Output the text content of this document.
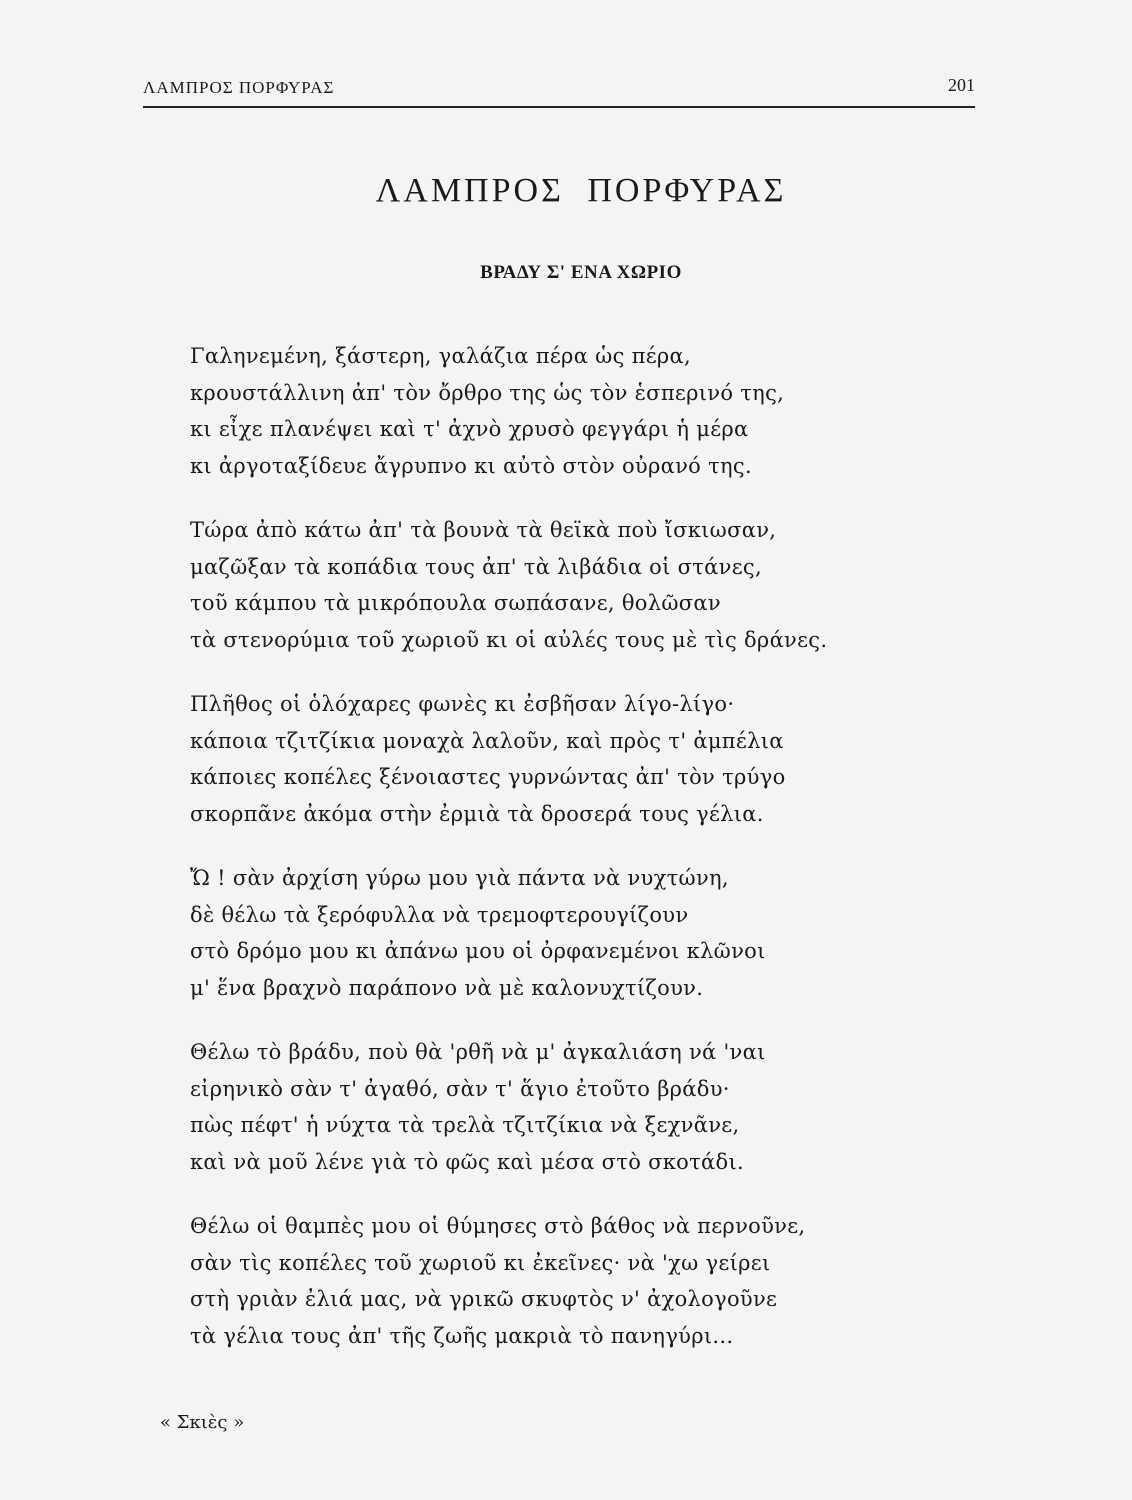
ΛΑΜΠΡΟΣ ΠΟΡΦΥΡΑΣ	201
ΛΑΜΠΡΟΣ ΠΟΡΦΥΡΑΣ
ΒΡΑΔΥ Σ' ΕΝΑ ΧΩΡΙΟ
Γαληνεμένη, ξάστερη, γαλάζια πέρα ὡς πέρα,
κρουστάλλινη ἀπ' τὸν ὄρθρο της ὡς τὸν ἑσπερινό της,
κι εἶχε πλανέψει καὶ τ' ἀχνὸ χρυσὸ φεγγάρι ἡ μέρα
κι ἀργοταξίδευε ἄγρυπνο κι αὐτὸ στὸν οὐρανό της.
Τώρα ἀπὸ κάτω ἀπ' τὰ βουνὰ τὰ θεϊκὰ ποὺ ἴσκιωσαν,
μαζῶξαν τὰ κοπάδια τους ἀπ' τὰ λιβάδια οἱ στάνες,
τοῦ κάμπου τὰ μικρόπουλα σωπάσανε, θολῶσαν
τὰ στενορύμια τοῦ χωριοῦ κι οἱ αὐλές τους μὲ τὶς δράνες.
Πλῆθος οἱ ὁλόχαρες φωνὲς κι ἐσβῆσαν λίγο-λίγο·
κάποια τζιτζίκια μοναχὰ λαλοῦν, καὶ πρὸς τ' ἀμπέλια
κάποιες κοπέλες ξένοιαστες γυρνώντας ἀπ' τὸν τρύγο
σκορπᾶνε ἀκόμα στὴν ἐρμιὰ τὰ δροσερά τους γέλια.
Ὤ ! σὰν ἀρχίση γύρω μου γιὰ πάντα νὰ νυχτώνη,
δὲ θέλω τὰ ξερόφυλλα νὰ τρεμοφτερουγίζουν
στὸ δρόμο μου κι ἀπάνω μου οἱ ὀρφανεμένοι κλῶνοι
μ' ἕνα βραχνὸ παράπονο νὰ μὲ καλονυχτίζουν.
Θέλω τὸ βράδυ, ποὺ θὰ 'ρθῆ νὰ μ' ἀγκαλιάση νά 'ναι
εἰρηνικὸ σὰν τ' ἀγαθό, σὰν τ' ἅγιο ἐτοῦτο βράδυ·
πὼς πέφτ' ἡ νύχτα τὰ τρελὰ τζιτζίκια νὰ ξεχνᾶνε,
καὶ νὰ μοῦ λένε γιὰ τὸ φῶς καὶ μέσα στὸ σκοτάδι.
Θέλω οἱ θαμπὲς μου οἱ θύμησες στὸ βάθος νὰ περνοῦνε,
σὰν τὶς κοπέλες τοῦ χωριοῦ κι ἐκεῖνες· νὰ 'χω γείρει
στὴ γριὰν ἐλιά μας, νὰ γρικῶ σκυφτὸς ν' ἀχολογοῦνε
τὰ γέλια τους ἀπ' τῆς ζωῆς μακριὰ τὸ πανηγύρι...
« Σκιὲς »
